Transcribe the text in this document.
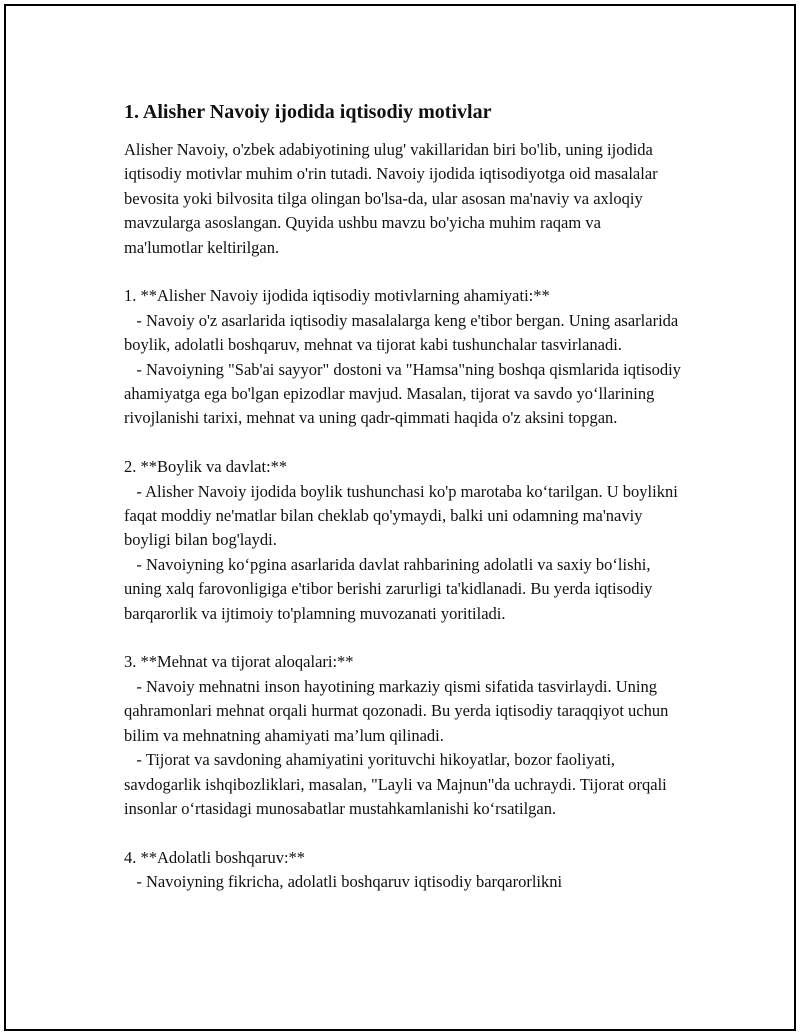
1. Alisher Navoiy ijodida iqtisodiy motivlar

Alisher Navoiy, o'zbek adabiyotining ulug' vakillaridan biri bo'lib, uning ijodida iqtisodiy motivlar muhim o'rin tutadi. Navoiy ijodida iqtisodiyotga oid masalalar bevosita yoki bilvosita tilga olingan bo'lsa-da, ular asosan ma'naviy va axloqiy mavzularga asoslangan. Quyida ushbu mavzu bo'yicha muhim raqam va ma'lumotlar keltirilgan.

1. **Alisher Navoiy ijodida iqtisodiy motivlarning ahamiyati:**

- Navoiy o'z asarlarida iqtisodiy masalalarga keng e'tibor bergan. Uning asarlarida boylik, adolatli boshqaruv, mehnat va tijorat kabi tushunchalar tasvirlanadi.

- Navoiyning "Sab'ai sayyor" dostoni va "Hamsa"ning boshqa qismlarida iqtisodiy ahamiyatga ega bo'lgan epizodlar mavjud. Masalan, tijorat va savdo yo‘llarining rivojlanishi tarixi, mehnat va uning qadr-qimmati haqida o'z aksini topgan.

2. **Boylik va davlat:**

- Alisher Navoiy ijodida boylik tushunchasi ko'p marotaba ko‘tarilgan. U boylikni faqat moddiy ne'matlar bilan cheklab qo'ymaydi, balki uni odamning ma'naviy boyligi bilan bog'laydi.

- Navoiyning ko‘pgina asarlarida davlat rahbarining adolatli va saxiy bo‘lishi, uning xalq farovonligiga e'tibor berishi zarurligi ta'kidlanadi. Bu yerda iqtisodiy barqarorlik va ijtimoiy to'plamning muvozanati yoritiladi.

3. **Mehnat va tijorat aloqalari:**

- Navoiy mehnatni inson hayotining markaziy qismi sifatida tasvirlaydi. Uning qahramonlari mehnat orqali hurmat qozonadi. Bu yerda iqtisodiy taraqqiyot uchun bilim va mehnatning ahamiyati ma’lum qilinadi.

- Tijorat va savdoning ahamiyatini yorituvchi hikoyatlar, bozor faoliyati, savdogarlik ishqibozliklari, masalan, "Layli va Majnun"da uchraydi. Tijorat orqali insonlar o‘rtasidagi munosabatlar mustahkamlanishi ko‘rsatilgan.

4. **Adolatli boshqaruv:**

- Navoiyning fikricha, adolatli boshqaruv iqtisodiy barqarorlikni
